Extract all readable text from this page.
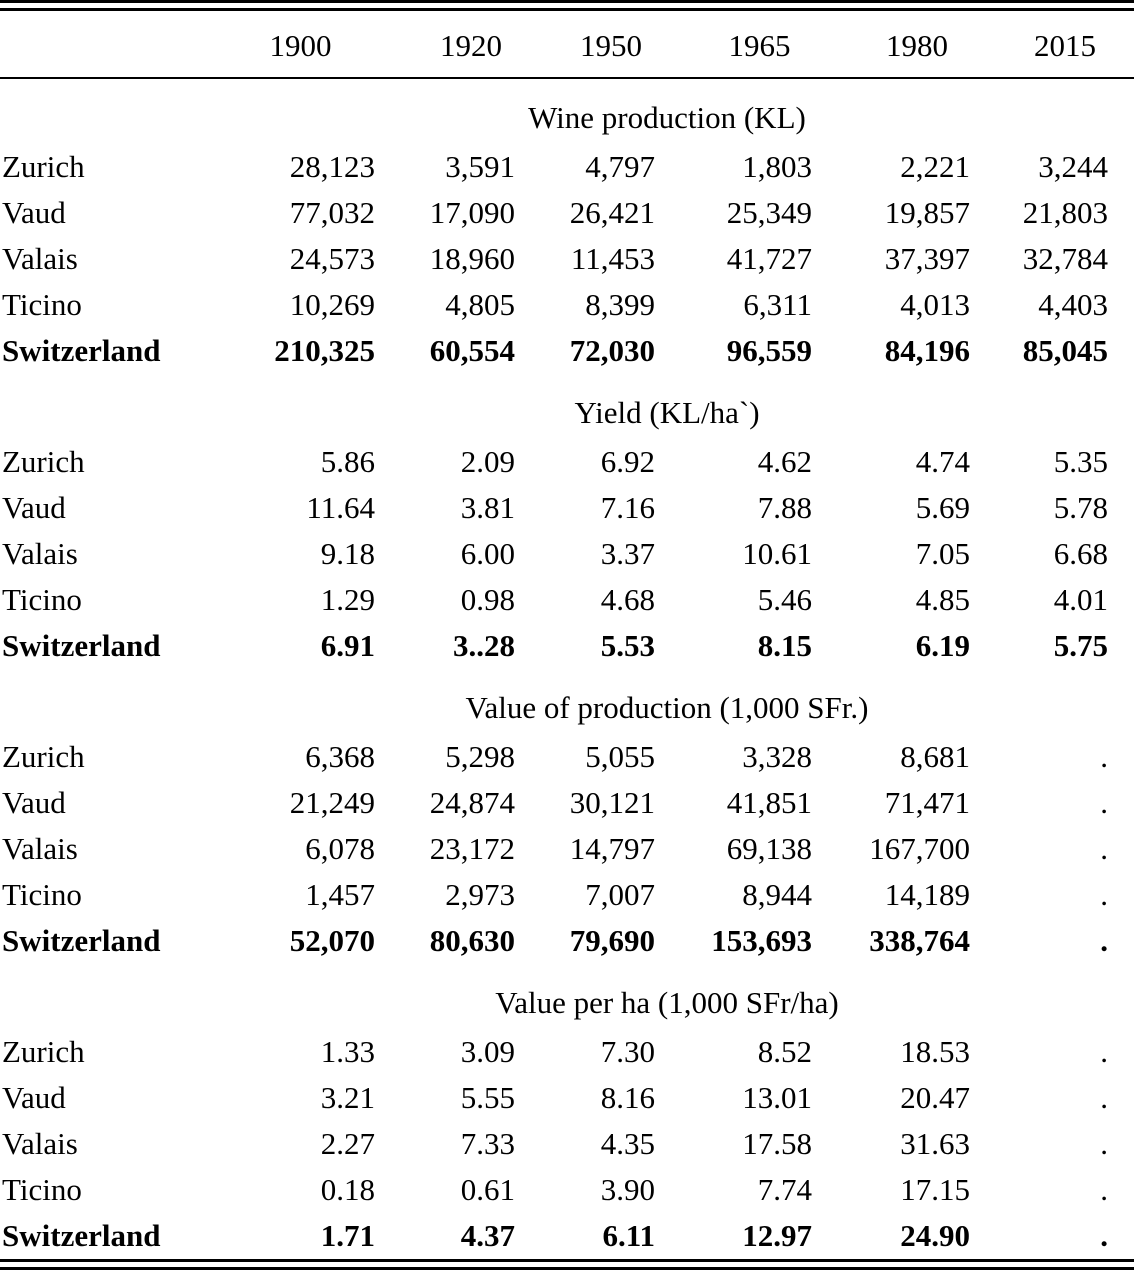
	1900	1920	1950	1965	1980	2015
	Wine production (KL)					
Zurich	28,123	3,591	4,797	1,803	2,221	3,244
Vaud	77,032	17,090	26,421	25,349	19,857	21,803
Valais	24,573	18,960	11,453	41,727	37,397	32,784
Ticino	10,269	4,805	8,399	6,311	4,013	4,403
Switzerland	210,325	60,554	72,030	96,559	84,196	85,045
	Yield (KL/ha`)					
Zurich	5.86	2.09	6.92	4.62	4.74	5.35
Vaud	11.64	3.81	7.16	7.88	5.69	5.78
Valais	9.18	6.00	3.37	10.61	7.05	6.68
Ticino	1.29	0.98	4.68	5.46	4.85	4.01
Switzerland	6.91	3..28	5.53	8.15	6.19	5.75
	Value of production (1,000 SFr.)					
Zurich	6,368	5,298	5,055	3,328	8,681	.
Vaud	21,249	24,874	30,121	41,851	71,471	.
Valais	6,078	23,172	14,797	69,138	167,700	.
Ticino	1,457	2,973	7,007	8,944	14,189	.
Switzerland	52,070	80,630	79,690	153,693	338,764	.
	Value per ha (1,000 SFr/ha)					
Zurich	1.33	3.09	7.30	8.52	18.53	.
Vaud	3.21	5.55	8.16	13.01	20.47	.
Valais	2.27	7.33	4.35	17.58	31.63	.
Ticino	0.18	0.61	3.90	7.74	17.15	.
Switzerland	1.71	4.37	6.11	12.97	24.90	.
